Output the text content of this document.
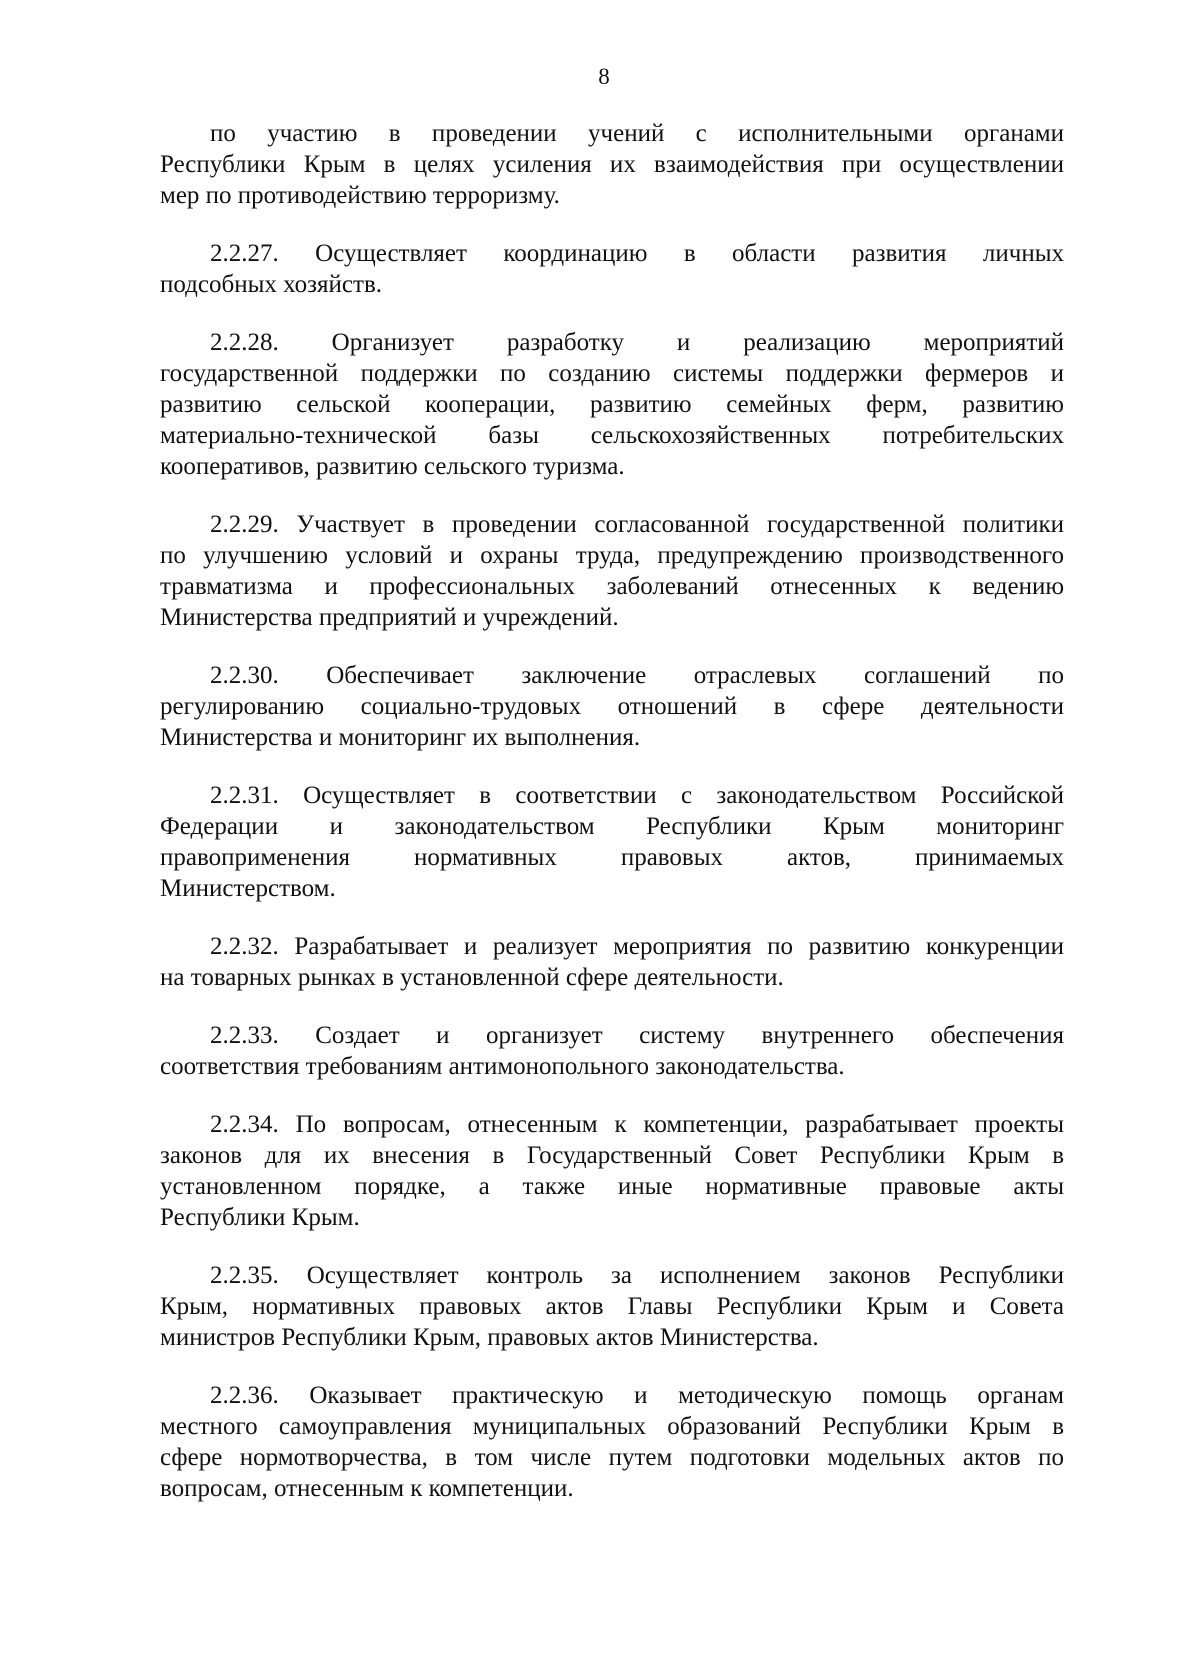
8
по участию в проведении учений с исполнительными органами
Республики Крым в целях усиления их взаимодействия при осуществлении
мер по противодействию терроризму.
2.2.27. Осуществляет координацию в области развития личных
подсобных хозяйств.
2.2.28. Организует разработку и реализацию мероприятий
государственной поддержки по созданию системы поддержки фермеров и
развитию сельской кооперации, развитию семейных ферм, развитию
материально-технической базы сельскохозяйственных потребительских
кооперативов, развитию сельского туризма.
2.2.29. Участвует в проведении согласованной государственной политики
по улучшению условий и охраны труда, предупреждению производственного
травматизма и профессиональных заболеваний отнесенных к ведению
Министерства предприятий и учреждений.
2.2.30. Обеспечивает заключение отраслевых соглашений по
регулированию социально-трудовых отношений в сфере деятельности
Министерства и мониторинг их выполнения.
2.2.31. Осуществляет в соответствии с законодательством Российской
Федерации и законодательством Республики Крым мониторинг
правоприменения нормативных правовых актов, принимаемых
Министерством.
2.2.32. Разрабатывает и реализует мероприятия по развитию конкуренции
на товарных рынках в установленной сфере деятельности.
2.2.33. Создает и организует систему внутреннего обеспечения
соответствия требованиям антимонопольного законодательства.
2.2.34. По вопросам, отнесенным к компетенции, разрабатывает проекты
законов для их внесения в Государственный Совет Республики Крым в
установленном порядке, а также иные нормативные правовые акты
Республики Крым.
2.2.35. Осуществляет контроль за исполнением законов Республики
Крым, нормативных правовых актов Главы Республики Крым и Совета
министров Республики Крым, правовых актов Министерства.
2.2.36. Оказывает практическую и методическую помощь органам
местного самоуправления муниципальных образований Республики Крым в
сфере нормотворчества, в том числе путем подготовки модельных актов по
вопросам, отнесенным к компетенции.
